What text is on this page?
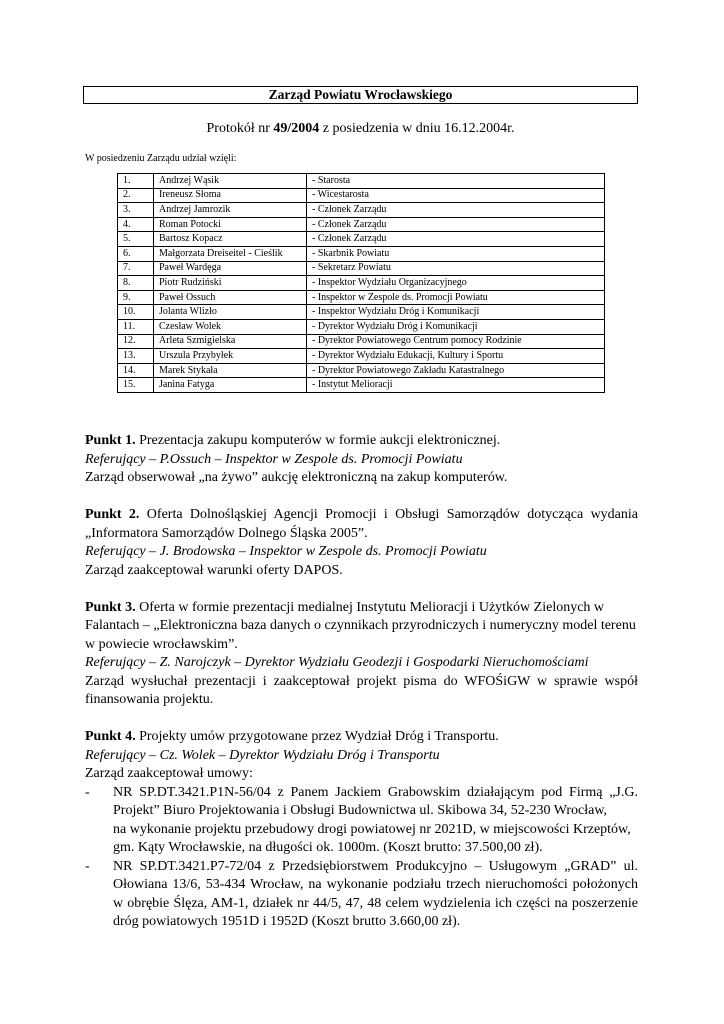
Zarząd Powiatu Wrocławskiego
Protokół nr 49/2004 z posiedzenia w dniu 16.12.2004r.
W posiedzeniu Zarządu udział wzięli:
1.	Andrzej Wąsik	- Starosta
2.	Ireneusz Słoma	- Wicestarosta
3.	Andrzej Jamrozik	- Członek Zarządu
4.	Roman Potocki	- Członek Zarządu
5.	Bartosz Kopacz	- Członek Zarządu
6.	Małgorzata Dreiseitel - Cieślik	- Skarbnik Powiatu
7.	Paweł Wardęga	- Sekretarz Powiatu
8.	Piotr Rudziński	- Inspektor Wydziału Organizacyjnego
9.	Paweł Ossuch	- Inspektor w Zespole ds. Promocji Powiatu
10.	Jolanta Wlizło	- Inspektor Wydziału Dróg i Komunikacji
11.	Czesław Wolek	- Dyrektor Wydziału Dróg i Komunikacji
12.	Arleta Szmigielska	- Dyrektor Powiatowego Centrum pomocy Rodzinie
13.	Urszula Przybyłek	- Dyrektor Wydziału Edukacji, Kultury i Sportu
14.	Marek Stykała	- Dyrektor Powiatowego Zakładu Katastralnego
15.	Janina Fatyga	- Instytut Melioracji

Punkt 1. Prezentacja zakupu komputerów w formie aukcji elektronicznej.

Referujący – P.Ossuch – Inspektor w Zespole ds. Promocji Powiatu

Zarząd obserwował „na żywo” aukcję elektroniczną na zakup komputerów.

Punkt 2. Oferta Dolnośląskiej Agencji Promocji i Obsługi Samorządów dotycząca wydania „Informatora Samorządów Dolnego Śląska 2005”.

Referujący – J. Brodowska – Inspektor w Zespole ds. Promocji Powiatu

Zarząd zaakceptował warunki oferty DAPOS.

Punkt 3. Oferta w formie prezentacji medialnej Instytutu Melioracji i Użytków Zielonych w Falantach – „Elektroniczna baza danych o czynnikach przyrodniczych i numeryczny model terenu w powiecie wrocławskim”.

Referujący – Z. Narojczyk – Dyrektor Wydziału Geodezji i Gospodarki Nieruchomościami

Zarząd wysłuchał prezentacji i zaakceptował projekt pisma do WFOŚiGW w sprawie współ finansowania projektu.

Punkt 4. Projekty umów przygotowane przez Wydział Dróg i Transportu.

Referujący – Cz. Wolek – Dyrektor Wydziału Dróg i Transportu

Zarząd zaakceptował umowy:

- NR SP.DT.3421.P1N-56/04 z Panem Jackiem Grabowskim działającym pod Firmą „J.G. Projekt” Biuro Projektowania i Obsługi Budownictwa ul. Skibowa 34, 52-230 Wrocław,

na wykonanie projektu przebudowy drogi powiatowej nr 2021D, w miejscowości Krzeptów,

gm. Kąty Wrocławskie, na długości ok. 1000m. (Koszt brutto: 37.500,00 zł).

- NR SP.DT.3421.P7-72/04 z Przedsiębiorstwem Produkcyjno – Usługowym „GRAD” ul. Ołowiana 13/6, 53-434 Wrocław, na wykonanie podziału trzech nieruchomości położonych w obrębie Ślęza, AM-1, działek nr 44/5, 47, 48 celem wydzielenia ich części na poszerzenie dróg powiatowych 1951D i 1952D (Koszt brutto 3.660,00 zł).
